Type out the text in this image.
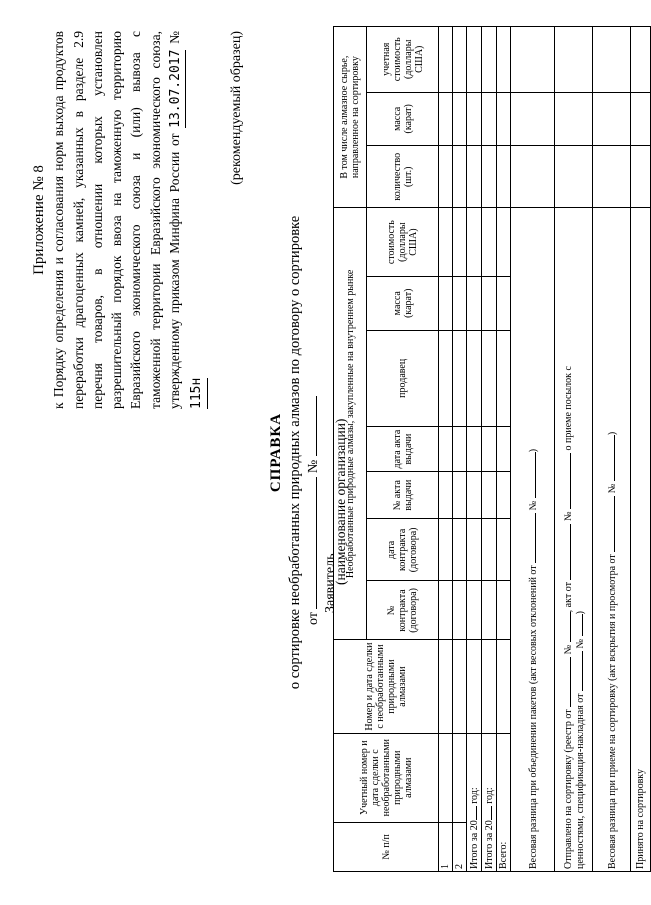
Приложение № 8 к Порядку определения и согласования норм выхода продуктов переработки драгоценных камней, указанных в разделе 2.9 перечня товаров, в отношении которых установлен разрешительный порядок ввоза на таможенную территорию Евразийского экономического союза и (или) вывоза с таможенной территории Евразийского экономического союза, утвержденному приказом Минфина России от 13.07.2017 № 115н
(рекомендуемый образец)
СПРАВКА о сортировке необработанных природных алмазов по договору о сортировке от  №
Заявитель
№ п/п	Учетный номер и дата сделки с необработанными природными алмазами	Номер и дата сделки с необработанными природными алмазами	Необработанные природные алмазы, закупленные на внутреннем рынке							В том числе алмазное сырье, направленное на сортировку		
			№ контракта (договора)	дата контракта (договора)	№ акта выдачи	дата акта выдачи	продавец	масса (карат)	стоимость (доллары США)	количество (шт.)	масса (карат)	учетная стоимость (доллары США)
1												
2												
Итого за 20 год:												
Итого за 20 год:												
Всего:												
Весовая разница при объединении пакетов (акт весовых отклонений от  № )												
Отправлено на сортировку (реестр от  № , акт от  №  о приеме посылок с
ценностями, спецификация-накладная от  № )												
Весовая разница при приеме на сортировку (акт вскрытия и просмотра от  № )												
Принято на сортировку												
(наименование организации)
